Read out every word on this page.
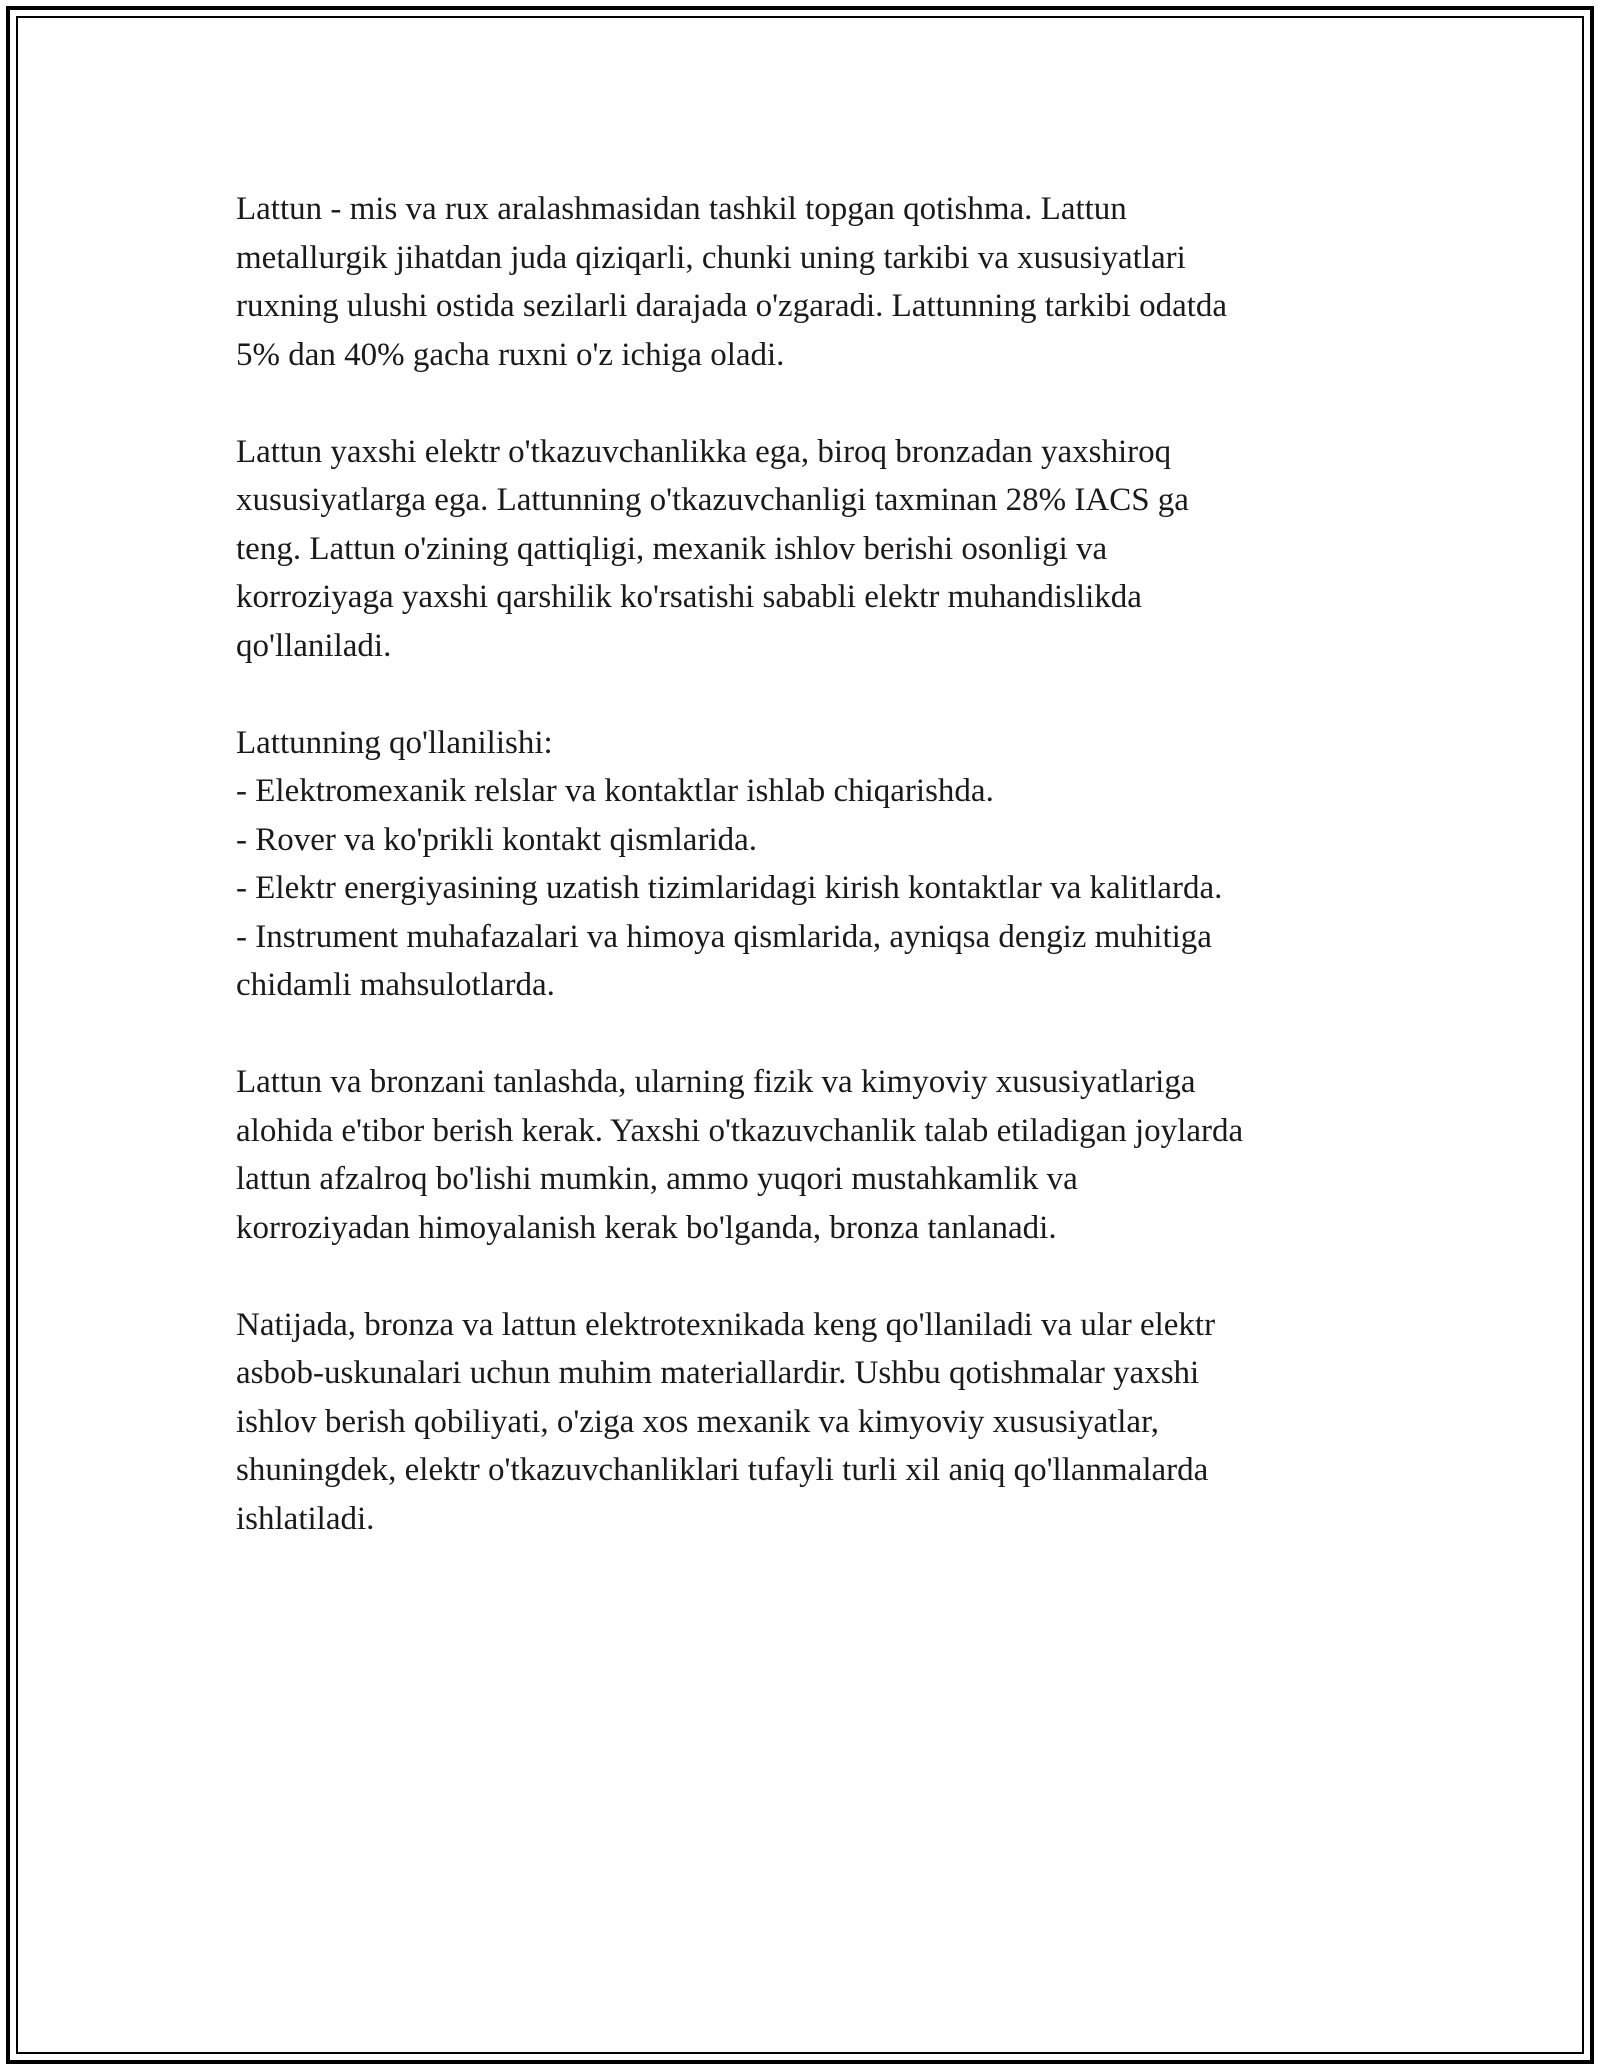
Lattun - mis va rux aralashmasidan tashkil topgan qotishma. Lattun
metallurgik jihatdan juda qiziqarli, chunki uning tarkibi va xususiyatlari
ruxning ulushi ostida sezilarli darajada o'zgaradi. Lattunning tarkibi odatda
5% dan 40% gacha ruxni o'z ichiga oladi.

Lattun yaxshi elektr o'tkazuvchanlikka ega, biroq bronzadan yaxshiroq
xususiyatlarga ega. Lattunning o'tkazuvchanligi taxminan 28% IACS ga
teng. Lattun o'zining qattiqligi, mexanik ishlov berishi osonligi va
korroziyaga yaxshi qarshilik ko'rsatishi sababli elektr muhandislikda
qo'llaniladi.

Lattunning qo'llanilishi:
- Elektromexanik relslar va kontaktlar ishlab chiqarishda.
- Rover va ko'prikli kontakt qismlarida.
- Elektr energiyasining uzatish tizimlaridagi kirish kontaktlar va kalitlarda.
- Instrument muhafazalari va himoya qismlarida, ayniqsa dengiz muhitiga
chidamli mahsulotlarda.

Lattun va bronzani tanlashda, ularning fizik va kimyoviy xususiyatlariga
alohida e'tibor berish kerak. Yaxshi o'tkazuvchanlik talab etiladigan joylarda
lattun afzalroq bo'lishi mumkin, ammo yuqori mustahkamlik va
korroziyadan himoyalanish kerak bo'lganda, bronza tanlanadi.

Natijada, bronza va lattun elektrotexnikada keng qo'llaniladi va ular elektr
asbob-uskunalari uchun muhim materiallardir. Ushbu qotishmalar yaxshi
ishlov berish qobiliyati, o'ziga xos mexanik va kimyoviy xususiyatlar,
shuningdek, elektr o'tkazuvchanliklari tufayli turli xil aniq qo'llanmalarda
ishlatiladi.
